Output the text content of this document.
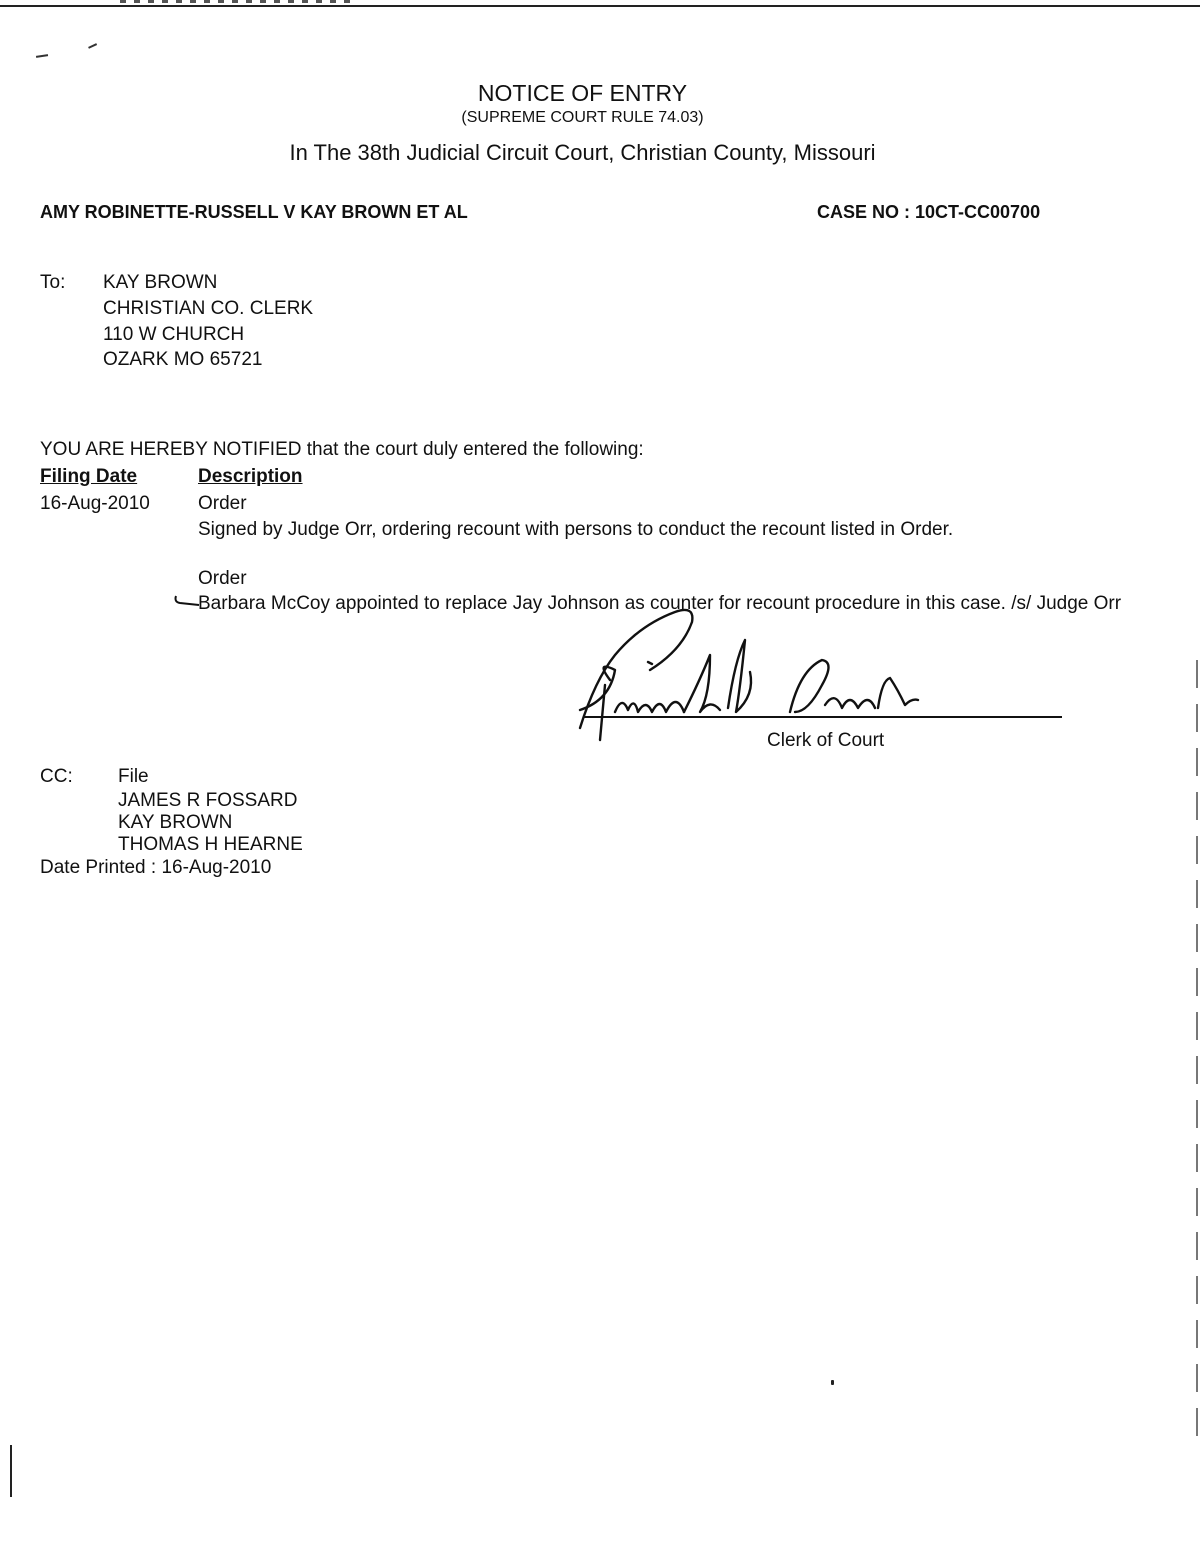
NOTICE OF ENTRY
(SUPREME COURT RULE 74.03)
In The 38th Judicial Circuit Court, Christian County, Missouri
AMY ROBINETTE-RUSSELL V KAY BROWN ET AL	CASE NO : 10CT-CC00700
To: KAY BROWN
CHRISTIAN CO. CLERK
110 W CHURCH
OZARK MO 65721
YOU ARE HEREBY NOTIFIED that the court duly entered the following:
Filing Date	Description
16-Aug-2010	Order
Signed by Judge Orr, ordering recount with persons to conduct the recount listed in Order.
Order
Barbara McCoy appointed to replace Jay Johnson as counter for recount procedure in this case. /s/ Judge Orr
Clerk of Court
CC: File
JAMES R FOSSARD
KAY BROWN
THOMAS H HEARNE
Date Printed : 16-Aug-2010
